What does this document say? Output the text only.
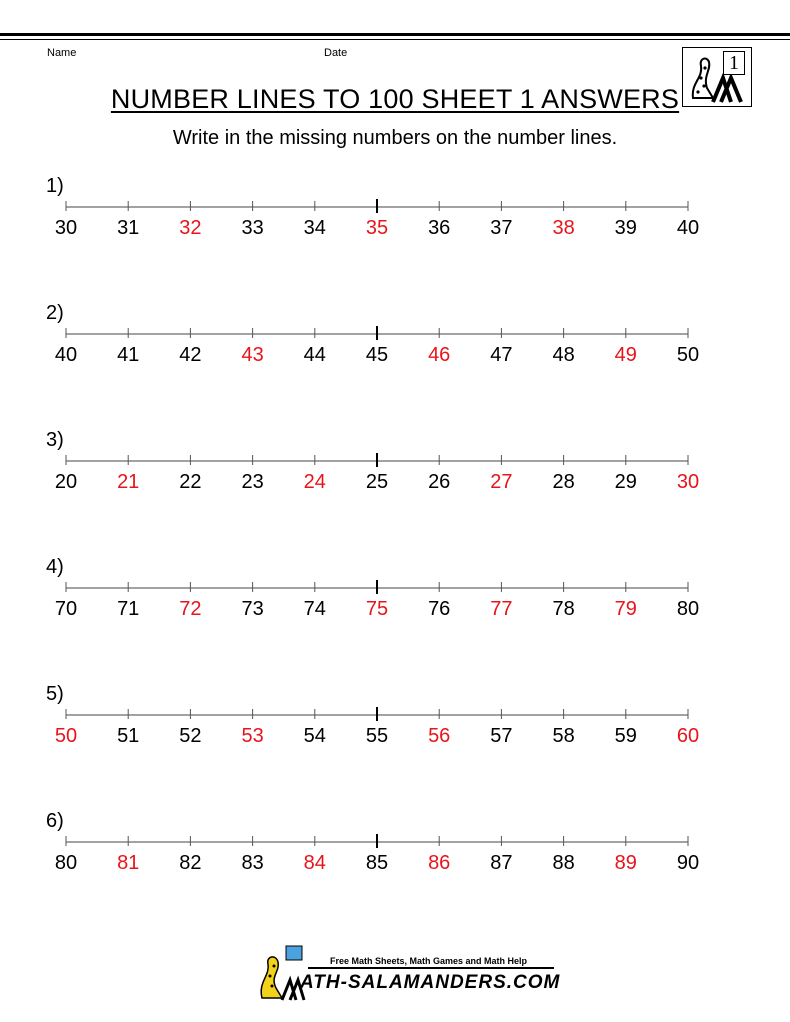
Name	Date	1
NUMBER LINES TO 100 SHEET 1 ANSWERS
Write in the missing numbers on the number lines.
1)
30	31	32	33	34	35	36	37	38	39	40
2)
40	41	42	43	44	45	46	47	48	49	50
3)
20	21	22	23	24	25	26	27	28	29	30
4)
70	71	72	73	74	75	76	77	78	79	80
5)
50	51	52	53	54	55	56	57	58	59	60
6)
80	81	82	83	84	85	86	87	88	89	90
Free Math Sheets, Math Games and Math Help
ATH-SALAMANDERS.COM
